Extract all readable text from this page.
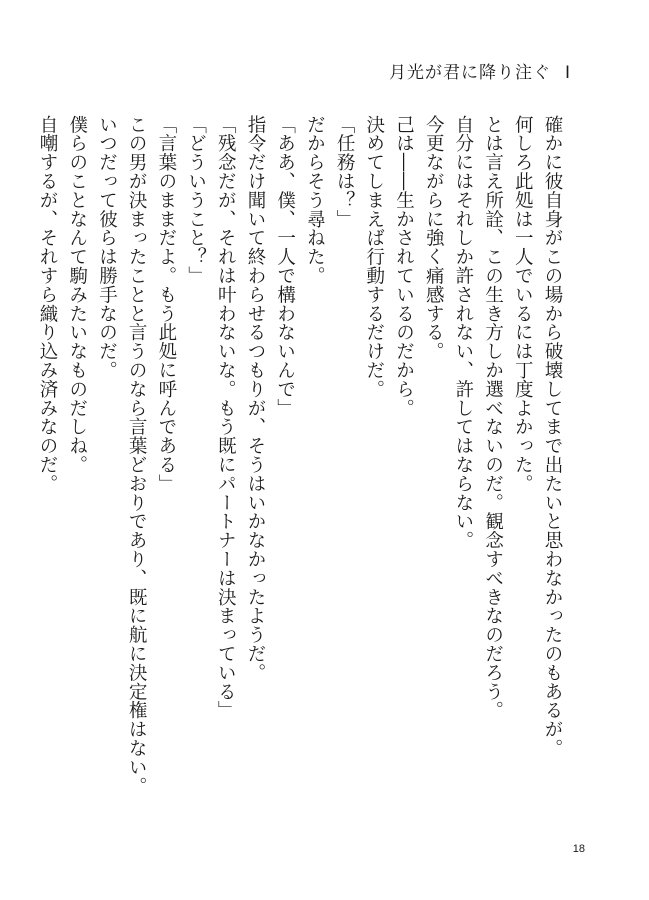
月光が君に降り注ぐ Ⅰ

確かに彼自身がこの場から破壊してまで出たいと思わなかったのもあるが。

何しろ此処は一人でいるには丁度よかった。

とは言え所詮、この生き方しか選べないのだ。観念すべきなのだろう。

自分にはそれしか許されない、許してはならない。

今更ながらに強く痛感する。

己は――生かされているのだから。

決めてしまえば行動するだけだ。

「任務は？」

だからそう尋ねた。

「ああ、僕、一人で構わないんで」

指令だけ聞いて終わらせるつもりが、そうはいかなかったようだ。

「残念だが、それは叶わないな。もう既にパートナーは決まっている」

「どういうこと？」

「言葉のままだよ。もう此処に呼んである」

この男が決まったことと言うのなら言葉どおりであり、既に航に決定権はない。

いつだって彼らは勝手なのだ。

僕らのことなんて駒みたいなものだしね。

自嘲するが、それすら織り込み済みなのだ。

18
